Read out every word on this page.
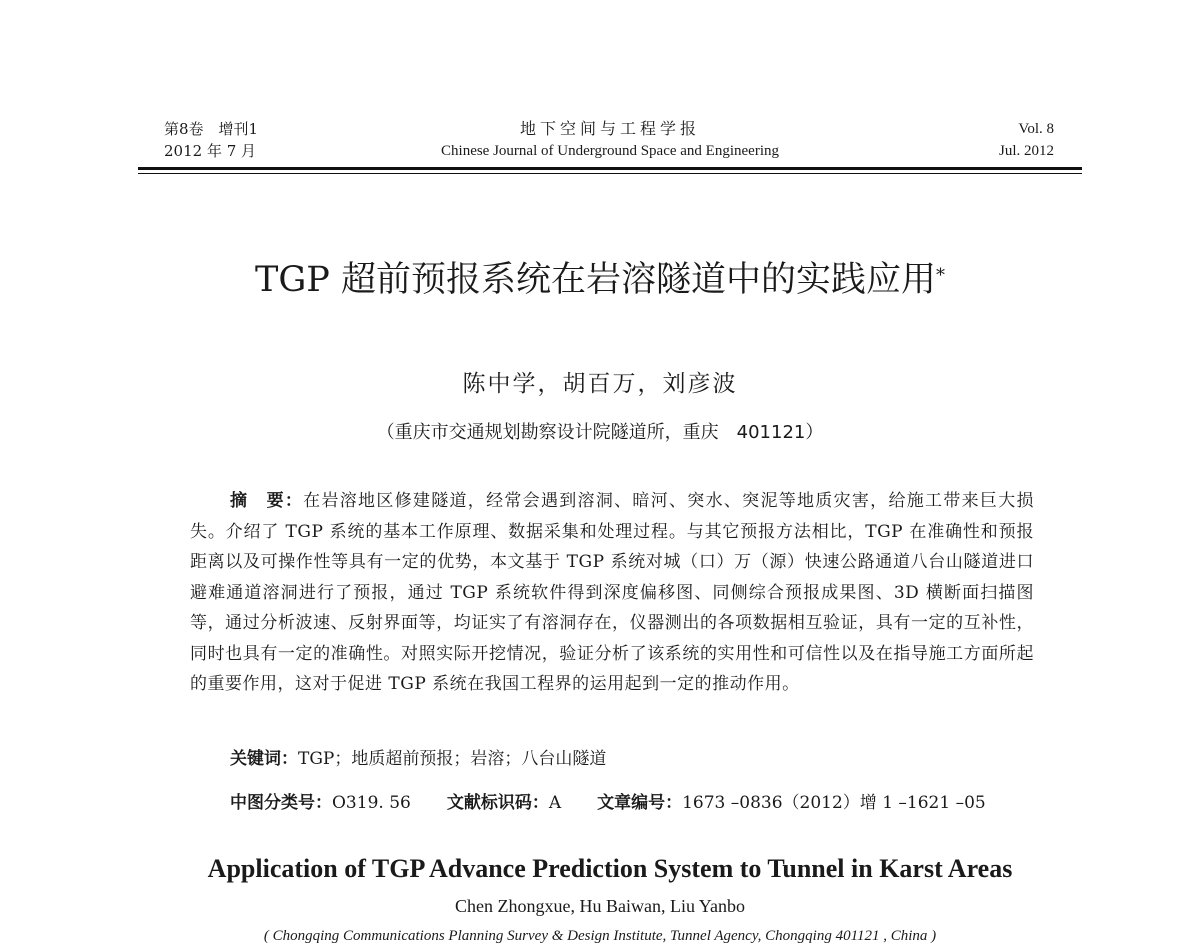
第8卷　增刊1
2012 年 7 月
地下空间与工程学报
Chinese Journal of Underground Space and Engineering
Vol. 8
Jul. 2012
TGP 超前预报系统在岩溶隧道中的实践应用*
陈中学，胡百万，刘彦波
（重庆市交通规划勘察设计院隧道所，重庆　401121）
摘　要：在岩溶地区修建隧道，经常会遇到溶洞、暗河、突水、突泥等地质灾害，给施工带来巨大损失。介绍了 TGP 系统的基本工作原理、数据采集和处理过程。与其它预报方法相比，TGP 在准确性和预报距离以及可操作性等具有一定的优势，本文基于 TGP 系统对城（口）万（源）快速公路通道八台山隧道进口避难通道溶洞进行了预报，通过 TGP 系统软件得到深度偏移图、同侧综合预报成果图、3D 横断面扫描图等，通过分析波速、反射界面等，均证实了有溶洞存在，仪器测出的各项数据相互验证，具有一定的互补性，同时也具有一定的准确性。对照实际开挖情况，验证分析了该系统的实用性和可信性以及在指导施工方面所起的重要作用，这对于促进 TGP 系统在我国工程界的运用起到一定的推动作用。
关键词：TGP；地质超前预报；岩溶；八台山隧道
中图分类号：O319. 56 文献标识码：A 文章编号：1673 –0836（2012）增 1 –1621 –05
Application of TGP Advance Prediction System to Tunnel in Karst Areas
Chen Zhongxue, Hu Baiwan, Liu Yanbo
( Chongqing Communications Planning Survey & Design Institute, Tunnel Agency, Chongqing 401121 , China )
